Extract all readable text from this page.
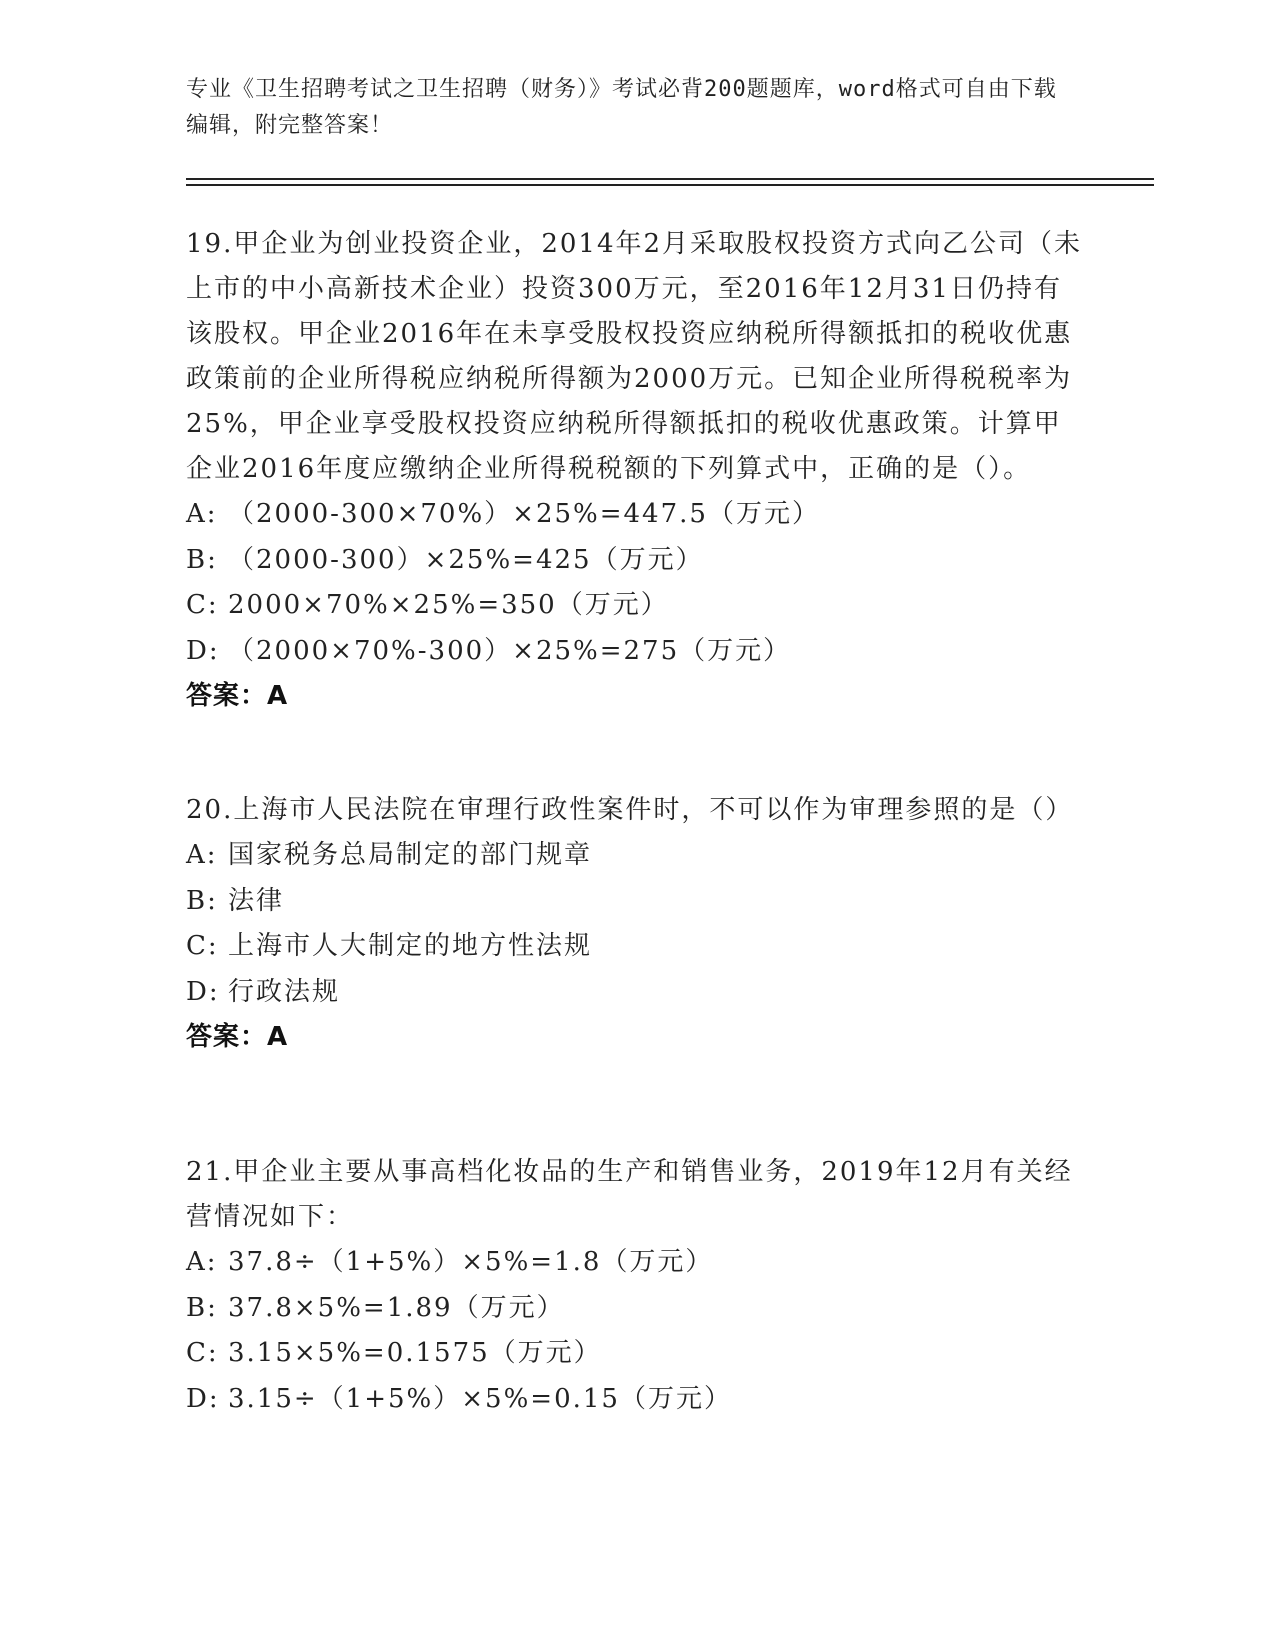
专业《卫生招聘考试之卫生招聘（财务）》考试必背200题题库，word格式可自由下载编辑，附完整答案！

19.甲企业为创业投资企业，2014年2月采取股权投资方式向乙公司（未上市的中小高新技术企业）投资300万元，至2016年12月31日仍持有该股权。甲企业2016年在未享受股权投资应纳税所得额抵扣的税收优惠政策前的企业所得税应纳税所得额为2000万元。已知企业所得税税率为25%，甲企业享受股权投资应纳税所得额抵扣的税收优惠政策。计算甲企业2016年度应缴纳企业所得税税额的下列算式中，正确的是（）。

A: （2000-300×70%）×25%=447.5（万元）
B: （2000-300）×25%=425（万元）
C: 2000×70%×25%=350（万元）
D: （2000×70%-300）×25%=275（万元）

答案：A

20.上海市人民法院在审理行政性案件时，不可以作为审理参照的是（）

A: 国家税务总局制定的部门规章
B: 法律
C: 上海市人大制定的地方性法规
D: 行政法规

答案：A

21.甲企业主要从事高档化妆品的生产和销售业务，2019年12月有关经营情况如下：

A: 37.8÷（1+5%）×5%=1.8（万元）
B: 37.8×5%=1.89（万元）
C: 3.15×5%=0.1575（万元）
D: 3.15÷（1+5%）×5%=0.15（万元）
